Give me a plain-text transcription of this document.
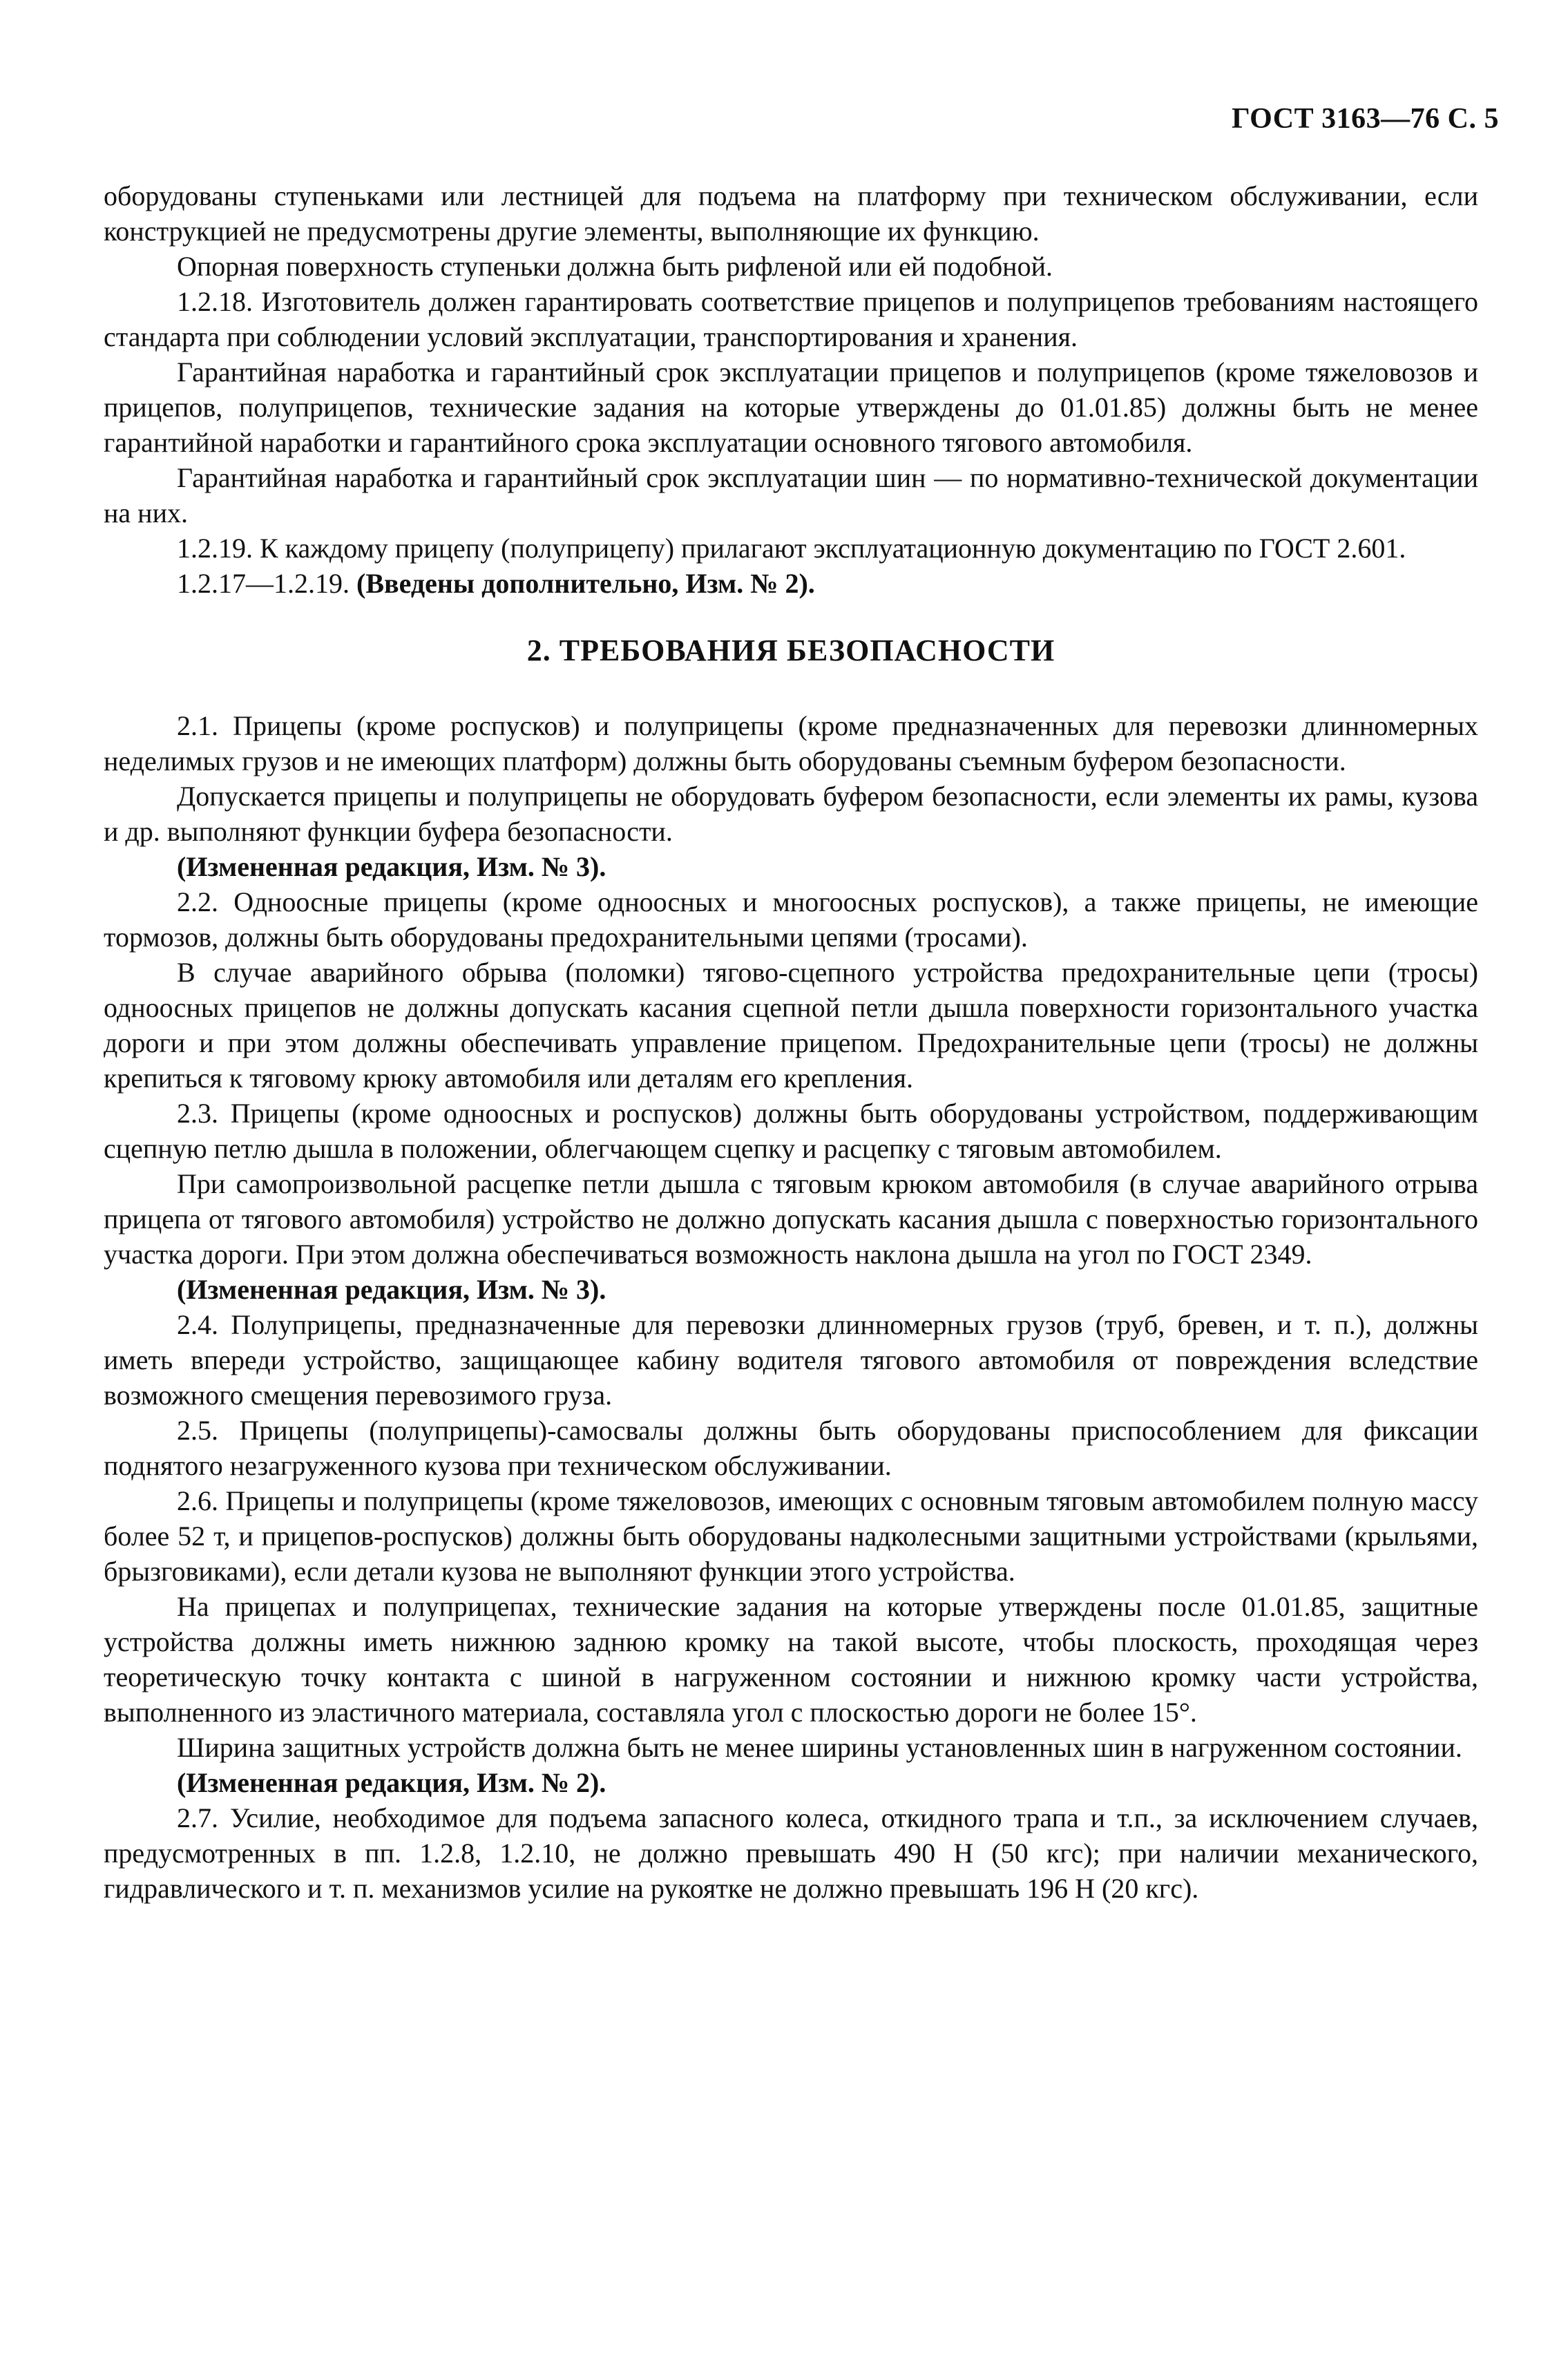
ГОСТ 3163—76 С. 5

оборудованы ступеньками или лестницей для подъема на платформу при техническом обслуживании, если конструкцией не предусмотрены другие элементы, выполняющие их функцию.

Опорная поверхность ступеньки должна быть рифленой или ей подобной.

1.2.18. Изготовитель должен гарантировать соответствие прицепов и полуприцепов требованиям настоящего стандарта при соблюдении условий эксплуатации, транспортирования и хранения.

Гарантийная наработка и гарантийный срок эксплуатации прицепов и полуприцепов (кроме тяжеловозов и прицепов, полуприцепов, технические задания на которые утверждены до 01.01.85) должны быть не менее гарантийной наработки и гарантийного срока эксплуатации основного тягового автомобиля.

Гарантийная наработка и гарантийный срок эксплуатации шин — по нормативно-технической документации на них.

1.2.19. К каждому прицепу (полуприцепу) прилагают эксплуатационную документацию по ГОСТ 2.601.

1.2.17—1.2.19. (Введены дополнительно, Изм. № 2).

2. ТРЕБОВАНИЯ БЕЗОПАСНОСТИ

2.1. Прицепы (кроме роспусков) и полуприцепы (кроме предназначенных для перевозки длинномерных неделимых грузов и не имеющих платформ) должны быть оборудованы съемным буфером безопасности.

Допускается прицепы и полуприцепы не оборудовать буфером безопасности, если элементы их рамы, кузова и др. выполняют функции буфера безопасности.

(Измененная редакция, Изм. № 3).

2.2. Одноосные прицепы (кроме одноосных и многоосных роспусков), а также прицепы, не имеющие тормозов, должны быть оборудованы предохранительными цепями (тросами).

В случае аварийного обрыва (поломки) тягово-сцепного устройства предохранительные цепи (тросы) одноосных прицепов не должны допускать касания сцепной петли дышла поверхности горизонтального участка дороги и при этом должны обеспечивать управление прицепом. Предохранительные цепи (тросы) не должны крепиться к тяговому крюку автомобиля или деталям его крепления.

2.3. Прицепы (кроме одноосных и роспусков) должны быть оборудованы устройством, поддерживающим сцепную петлю дышла в положении, облегчающем сцепку и расцепку с тяговым автомобилем.

При самопроизвольной расцепке петли дышла с тяговым крюком автомобиля (в случае аварийного отрыва прицепа от тягового автомобиля) устройство не должно допускать касания дышла с поверхностью горизонтального участка дороги. При этом должна обеспечиваться возможность наклона дышла на угол по ГОСТ 2349.

(Измененная редакция, Изм. № 3).

2.4. Полуприцепы, предназначенные для перевозки длинномерных грузов (труб, бревен, и т. п.), должны иметь впереди устройство, защищающее кабину водителя тягового автомобиля от повреждения вследствие возможного смещения перевозимого груза.

2.5. Прицепы (полуприцепы)-самосвалы должны быть оборудованы приспособлением для фиксации поднятого незагруженного кузова при техническом обслуживании.

2.6. Прицепы и полуприцепы (кроме тяжеловозов, имеющих с основным тяговым автомобилем полную массу более 52 т, и прицепов-роспусков) должны быть оборудованы надколесными защитными устройствами (крыльями, брызговиками), если детали кузова не выполняют функции этого устройства.

На прицепах и полуприцепах, технические задания на которые утверждены после 01.01.85, защитные устройства должны иметь нижнюю заднюю кромку на такой высоте, чтобы плоскость, проходящая через теоретическую точку контакта с шиной в нагруженном состоянии и нижнюю кромку части устройства, выполненного из эластичного материала, составляла угол с плоскостью дороги не более 15°.

Ширина защитных устройств должна быть не менее ширины установленных шин в нагруженном состоянии.

(Измененная редакция, Изм. № 2).

2.7. Усилие, необходимое для подъема запасного колеса, откидного трапа и т.п., за исключением случаев, предусмотренных в пп. 1.2.8, 1.2.10, не должно превышать 490 Н (50 кгс); при наличии механического, гидравлического и т. п. механизмов усилие на рукоятке не должно превышать 196 Н (20 кгс).
